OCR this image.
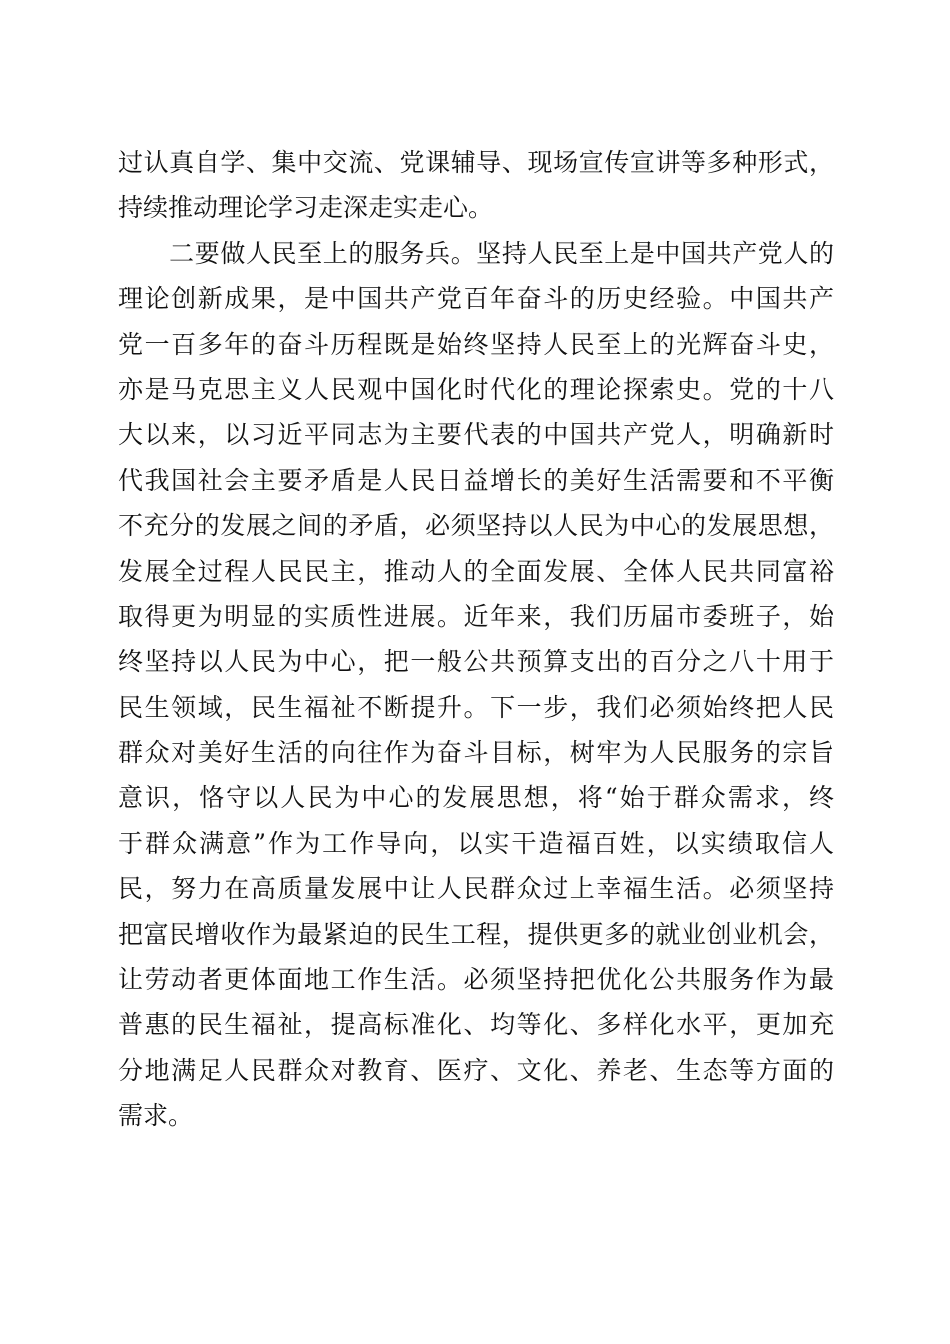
过认真自学、集中交流、党课辅导、现场宣传宣讲等多种形式，
持续推动理论学习走深走实走心。
　　二要做人民至上的服务兵。坚持人民至上是中国共产党人的
理论创新成果，是中国共产党百年奋斗的历史经验。中国共产
党一百多年的奋斗历程既是始终坚持人民至上的光辉奋斗史，
亦是马克思主义人民观中国化时代化的理论探索史。党的十八
大以来，以习近平同志为主要代表的中国共产党人，明确新时
代我国社会主要矛盾是人民日益增长的美好生活需要和不平衡
不充分的发展之间的矛盾，必须坚持以人民为中心的发展思想，
发展全过程人民民主，推动人的全面发展、全体人民共同富裕
取得更为明显的实质性进展。近年来，我们历届市委班子，始
终坚持以人民为中心，把一般公共预算支出的百分之八十用于
民生领域，民生福祉不断提升。下一步，我们必须始终把人民
群众对美好生活的向往作为奋斗目标，树牢为人民服务的宗旨
意识，恪守以人民为中心的发展思想，将“始于群众需求，终
于群众满意”作为工作导向，以实干造福百姓，以实绩取信人
民，努力在高质量发展中让人民群众过上幸福生活。必须坚持
把富民增收作为最紧迫的民生工程，提供更多的就业创业机会，
让劳动者更体面地工作生活。必须坚持把优化公共服务作为最
普惠的民生福祉，提高标准化、均等化、多样化水平，更加充
分地满足人民群众对教育、医疗、文化、养老、生态等方面的
需求。
